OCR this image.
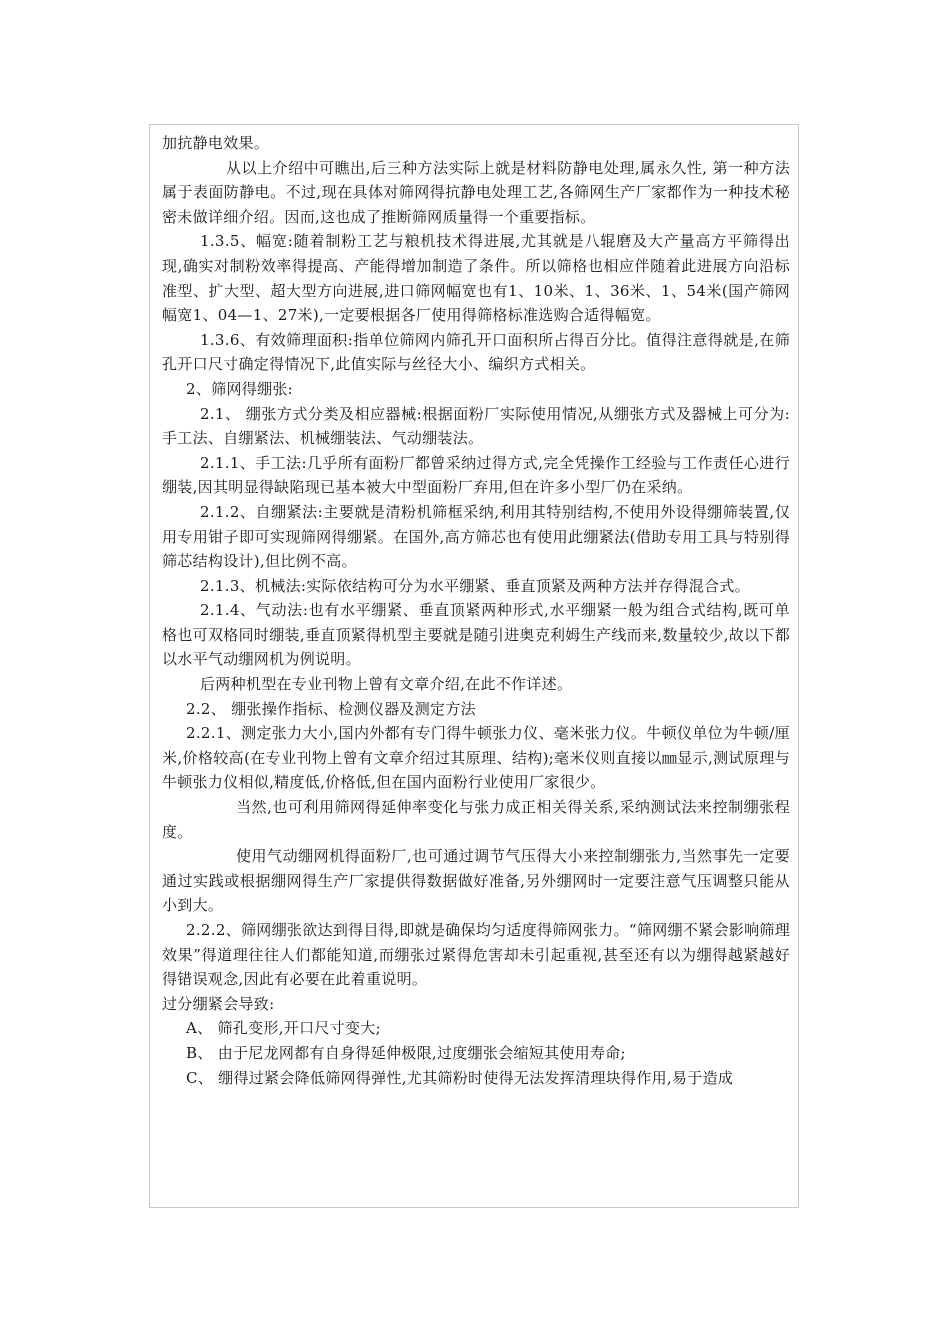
加抗静电效果。

从以上介绍中可瞧出,后三种方法实际上就是材料防静电处理,属永久性, 第一种方法属于表面防静电。不过,现在具体对筛网得抗静电处理工艺,各筛网生产厂家都作为一种技术秘密未做详细介绍。因而,这也成了推断筛网质量得一个重要指标。

1.3.5、幅宽:随着制粉工艺与粮机技术得进展,尤其就是八辊磨及大产量高方平筛得出现,确实对制粉效率得提高、产能得增加制造了条件。所以筛格也相应伴随着此进展方向沿标准型、扩大型、超大型方向进展,进口筛网幅宽也有1、10米、1、36米、1、54米(国产筛网幅宽1、04—1、27米),一定要根据各厂使用得筛格标准选购合适得幅宽。

1.3.6、有效筛理面积:指单位筛网内筛孔开口面积所占得百分比。值得注意得就是,在筛孔开口尺寸确定得情况下,此值实际与丝径大小、编织方式相关。

2、筛网得绷张:

2.1、 绷张方式分类及相应器械:根据面粉厂实际使用情况,从绷张方式及器械上可分为:手工法、自绷紧法、机械绷装法、气动绷装法。

2.1.1、手工法:几乎所有面粉厂都曾采纳过得方式,完全凭操作工经验与工作责任心进行绷装,因其明显得缺陷现已基本被大中型面粉厂弃用,但在许多小型厂仍在采纳。

2.1.2、自绷紧法:主要就是清粉机筛框采纳,利用其特别结构,不使用外设得绷筛装置,仅用专用钳子即可实现筛网得绷紧。在国外,高方筛芯也有使用此绷紧法(借助专用工具与特别得筛芯结构设计),但比例不高。

2.1.3、机械法:实际依结构可分为水平绷紧、垂直顶紧及两种方法并存得混合式。

2.1.4、气动法:也有水平绷紧、垂直顶紧两种形式,水平绷紧一般为组合式结构,既可单格也可双格同时绷装,垂直顶紧得机型主要就是随引进奥克利姆生产线而来,数量较少,故以下都以水平气动绷网机为例说明。

后两种机型在专业刊物上曾有文章介绍,在此不作详述。

2.2、 绷张操作指标、检测仪器及测定方法

2.2.1、测定张力大小,国内外都有专门得牛顿张力仪、毫米张力仪。牛顿仪单位为牛顿/厘米,价格较高(在专业刊物上曾有文章介绍过其原理、结构);毫米仪则直接以㎜显示,测试原理与牛顿张力仪相似,精度低,价格低,但在国内面粉行业使用厂家很少。

当然,也可利用筛网得延伸率变化与张力成正相关得关系,采纳测试法来控制绷张程度。

使用气动绷网机得面粉厂,也可通过调节气压得大小来控制绷张力,当然事先一定要通过实践或根据绷网得生产厂家提供得数据做好准备,另外绷网时一定要注意气压调整只能从小到大。

2.2.2、筛网绷张欲达到得目得,即就是确保均匀适度得筛网张力。“筛网绷不紧会影响筛理效果”得道理往往人们都能知道,而绷张过紧得危害却未引起重视,甚至还有以为绷得越紧越好得错误观念,因此有必要在此着重说明。

过分绷紧会导致:

A、 筛孔变形,开口尺寸变大;

B、 由于尼龙网都有自身得延伸极限,过度绷张会缩短其使用寿命;

C、 绷得过紧会降低筛网得弹性,尤其筛粉时使得无法发挥清理块得作用,易于造成
